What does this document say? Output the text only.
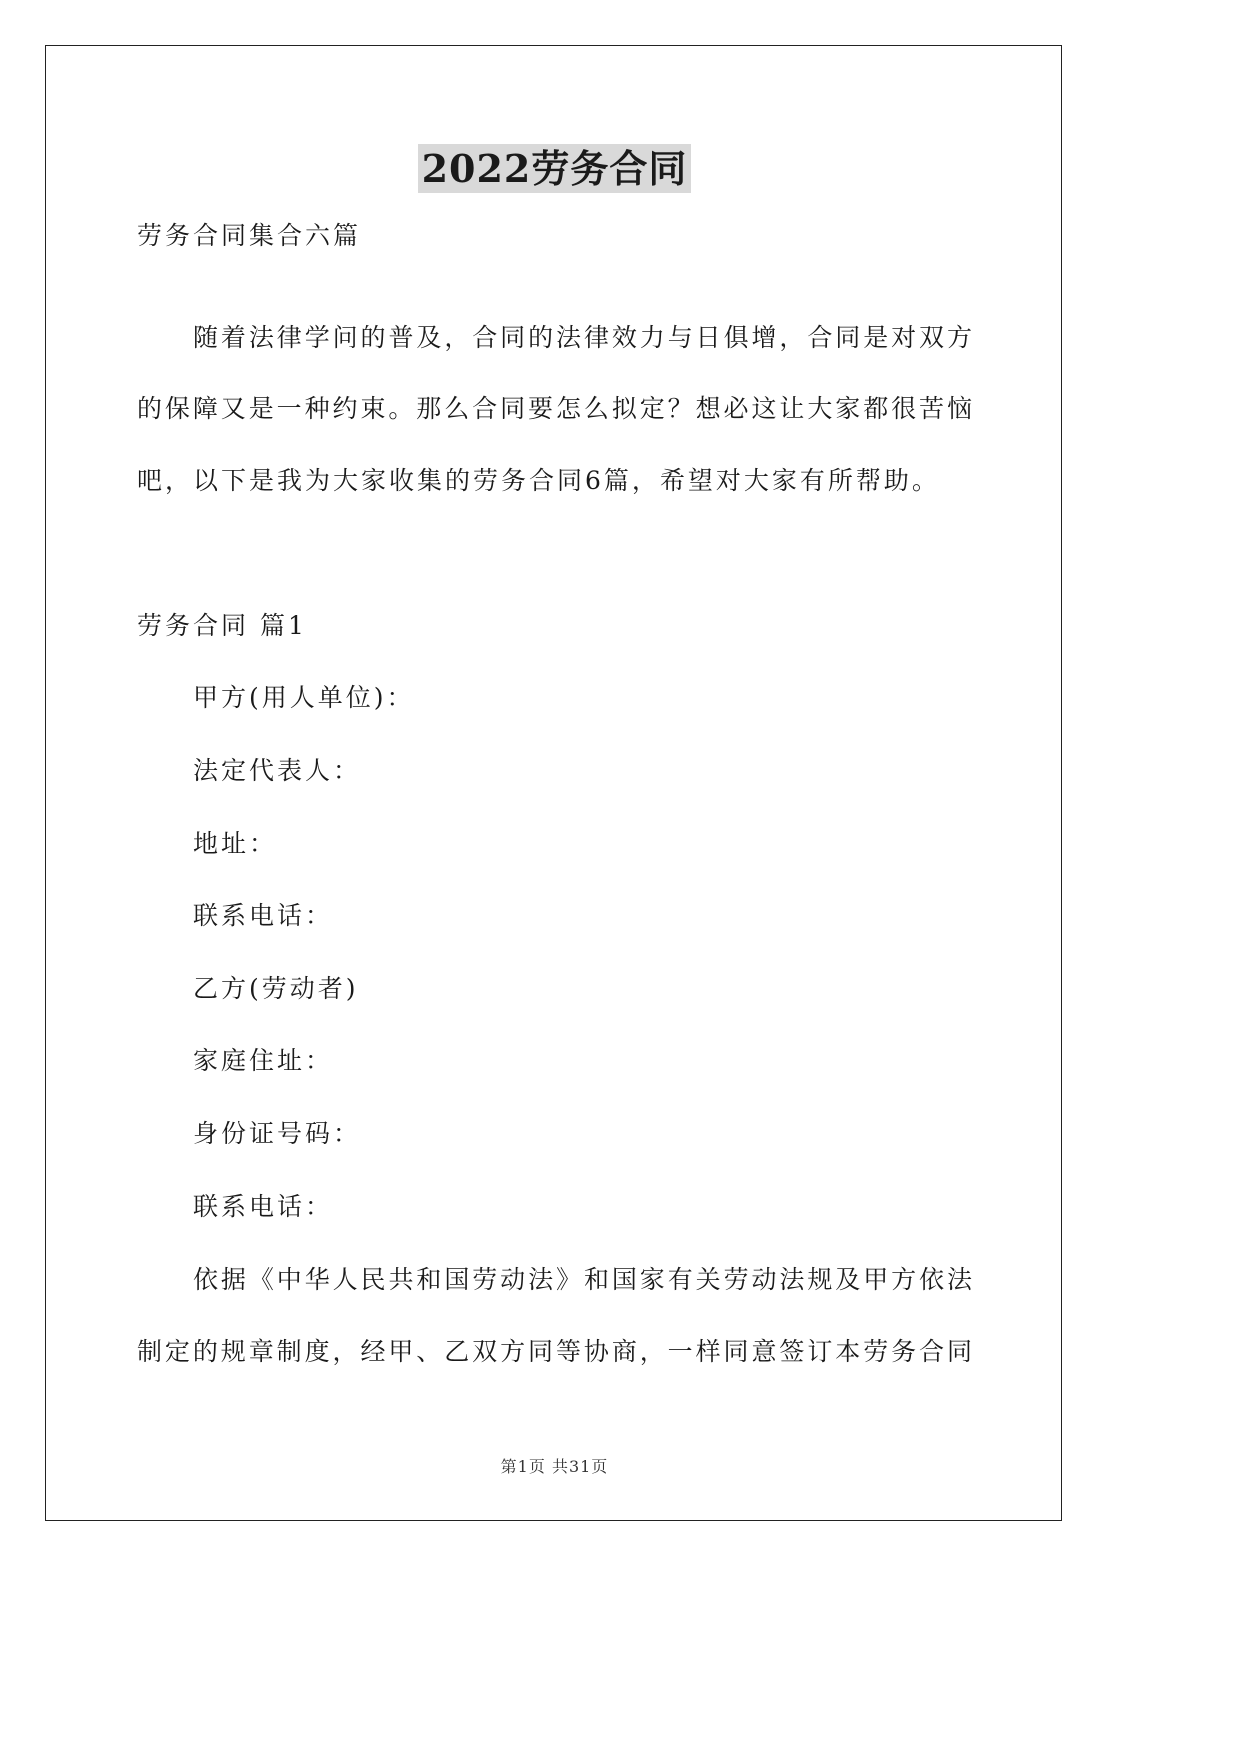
2022劳务合同
劳务合同集合六篇
随着法律学问的普及，合同的法律效力与日俱增，合同是对双方
的保障又是一种约束。那么合同要怎么拟定？想必这让大家都很苦恼
吧，以下是我为大家收集的劳务合同6篇，希望对大家有所帮助。
劳务合同 篇1
甲方(用人单位)：
法定代表人：
地址：
联系电话：
乙方(劳动者)
家庭住址：
身份证号码：
联系电话：
依据《中华人民共和国劳动法》和国家有关劳动法规及甲方依法
制定的规章制度，经甲、乙双方同等协商，一样同意签订本劳务合同
第1页 共31页
